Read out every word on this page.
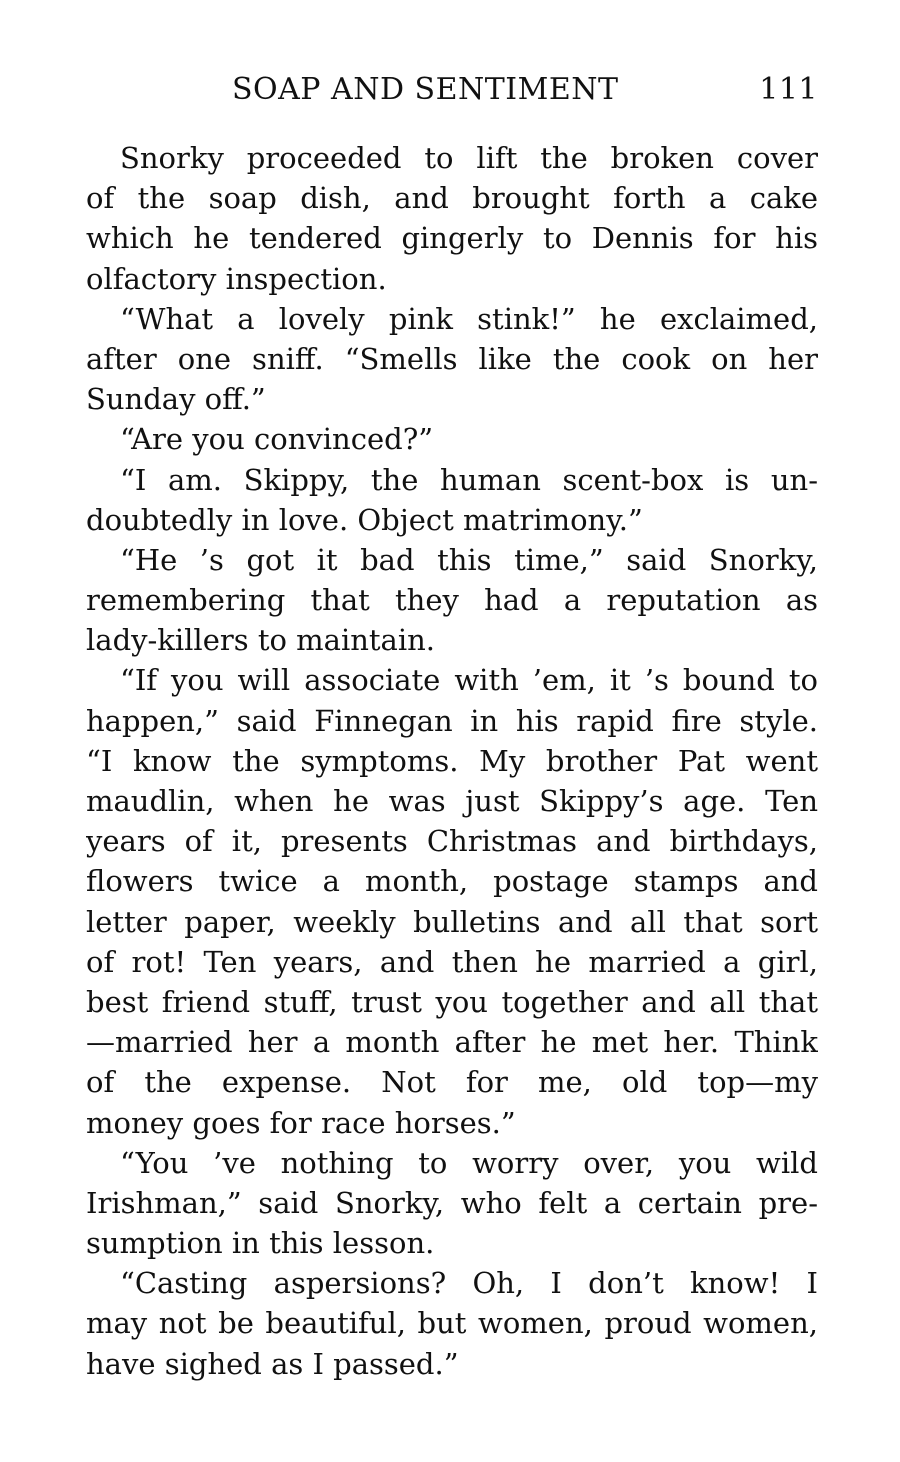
SOAP AND SENTIMENT	111
Snorky proceeded to lift the broken cover
of the soap dish, and brought forth a cake
which he tendered gingerly to Dennis for his
olfactory inspection.
“What a lovely pink stink!” he exclaimed,
after one sniff. “Smells like the cook on her
Sunday off.”
“Are you convinced?”
“I am. Skippy, the human scent-box is un-
doubtedly in love. Object matrimony.”
“He ’s got it bad this time,” said Snorky,
remembering that they had a reputation as
lady-killers to maintain.
“If you will associate with ’em, it ’s bound to
happen,” said Finnegan in his rapid fire style.
“I know the symptoms. My brother Pat went
maudlin, when he was just Skippy’s age. Ten
years of it, presents Christmas and birthdays,
flowers twice a month, postage stamps and
letter paper, weekly bulletins and all that sort
of rot! Ten years, and then he married a girl,
best friend stuff, trust you together and all that
—married her a month after he met her. Think
of the expense. Not for me, old top—my
money goes for race horses.”
“You ’ve nothing to worry over, you wild
Irishman,” said Snorky, who felt a certain pre-
sumption in this lesson.
“Casting aspersions? Oh, I don’t know! I
may not be beautiful, but women, proud women,
have sighed as I passed.”
